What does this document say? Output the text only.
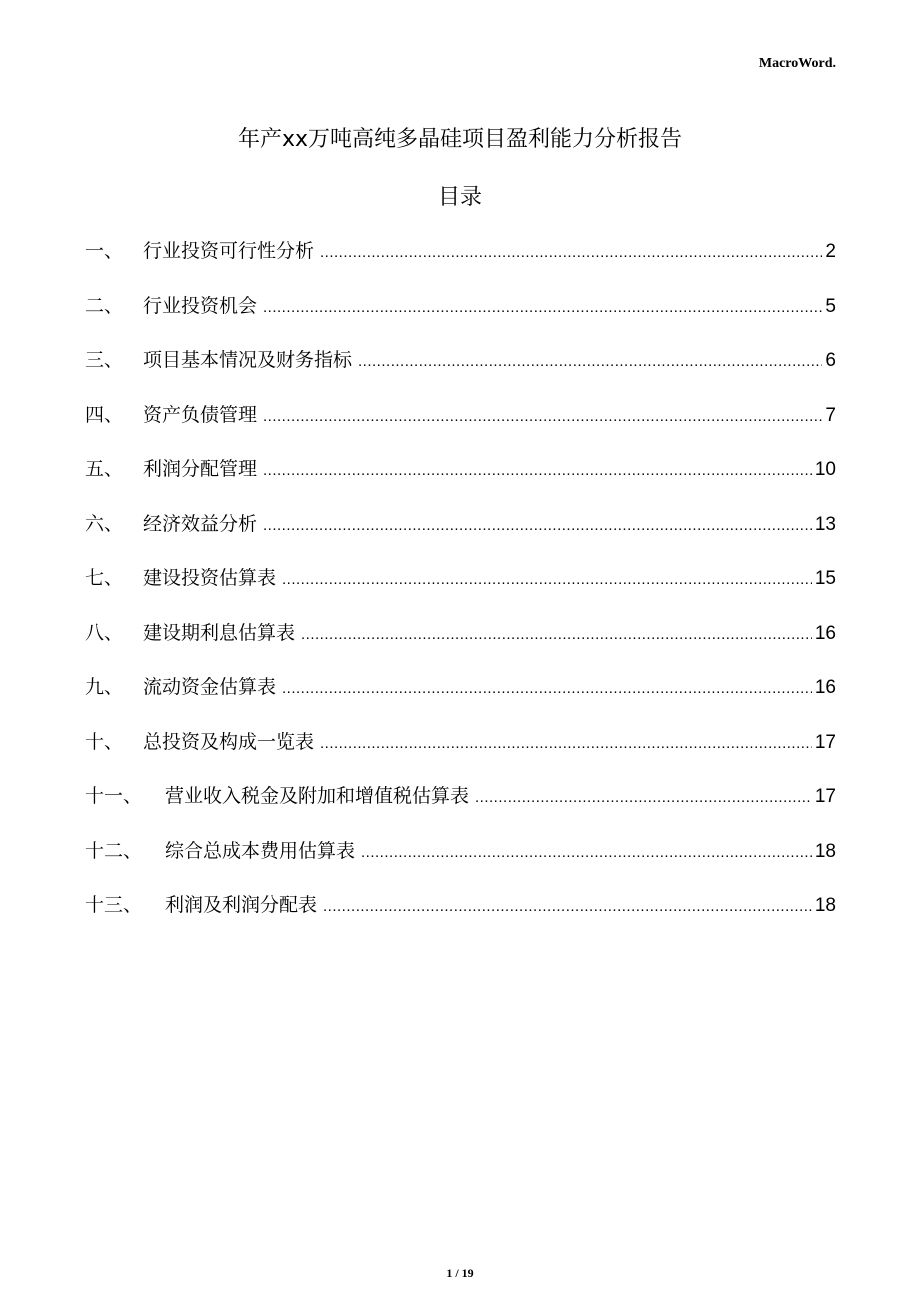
MacroWord.
年产xx万吨高纯多晶硅项目盈利能力分析报告
目录
一、	行业投资可行性分析 .....	2
二、	行业投资机会 .....	5
三、	项目基本情况及财务指标 .....	6
四、	资产负债管理 .....	7
五、	利润分配管理 .....	10
六、	经济效益分析 .....	13
七、	建设投资估算表 .....	15
八、	建设期利息估算表 .....	16
九、	流动资金估算表 .....	16
十、	总投资及构成一览表 .....	17
十一、	营业收入税金及附加和增值税估算表 .....	17
十二、	综合总成本费用估算表 .....	18
十三、	利润及利润分配表 .....	18
1 / 19
